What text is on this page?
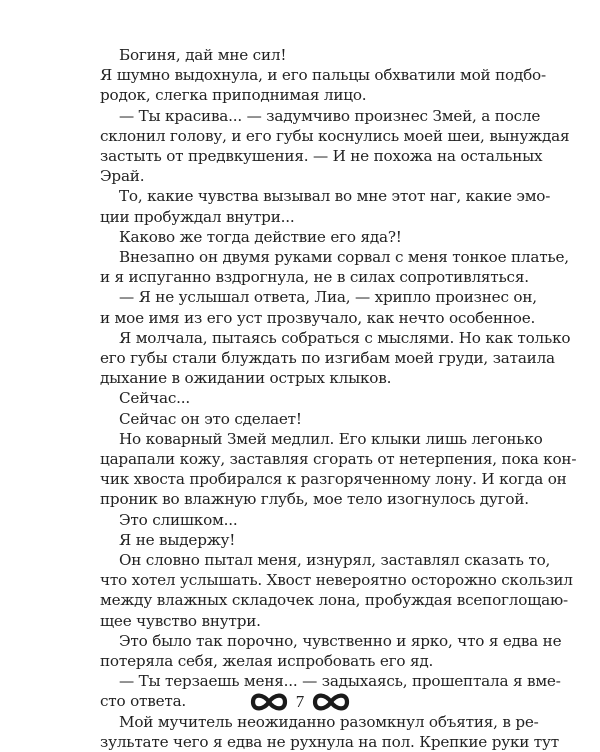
Богиня, дай мне сил!
Я шумно выдохнула, и его пальцы обхватили мой подбо-
родок, слегка приподнимая лицо.
— Ты красива... — задумчиво произнес Змей, а после
склонил голову, и его губы коснулись моей шеи, вынуждая
застыть от предвкушения. — И не похожа на остальных
Эрай.
То, какие чувства вызывал во мне этот наг, какие эмо-
ции пробуждал внутри...
Каково же тогда действие его яда?!
Внезапно он двумя руками сорвал с меня тонкое платье,
и я испуганно вздрогнула, не в силах сопротивляться.
— Я не услышал ответа, Лиа, — хрипло произнес он,
и мое имя из его уст прозвучало, как нечто особенное.
Я молчала, пытаясь собраться с мыслями. Но как только
его губы стали блуждать по изгибам моей груди, затаила
дыхание в ожидании острых клыков.
Сейчас...
Сейчас он это сделает!
Но коварный Змей медлил. Его клыки лишь легонько
царапали кожу, заставляя сгорать от нетерпения, пока кон-
чик хвоста пробирался к разгоряченному лону. И когда он
проник во влажную глубь, мое тело изогнулось дугой.
Это слишком...
Я не выдержу!
Он словно пытал меня, изнурял, заставлял сказать то,
что хотел услышать. Хвост невероятно осторожно скользил
между влажных складочек лона, пробуждая всепоглощаю-
щее чувство внутри.
Это было так порочно, чувственно и ярко, что я едва не
потеряла себя, желая испробовать его яд.
— Ты терзаешь меня... — задыхаясь, прошептала я вме-
сто ответа.
Мой мучитель неожиданно разомкнул объятия, в ре-
зультате чего я едва не рухнула на пол. Крепкие руки тут
7
